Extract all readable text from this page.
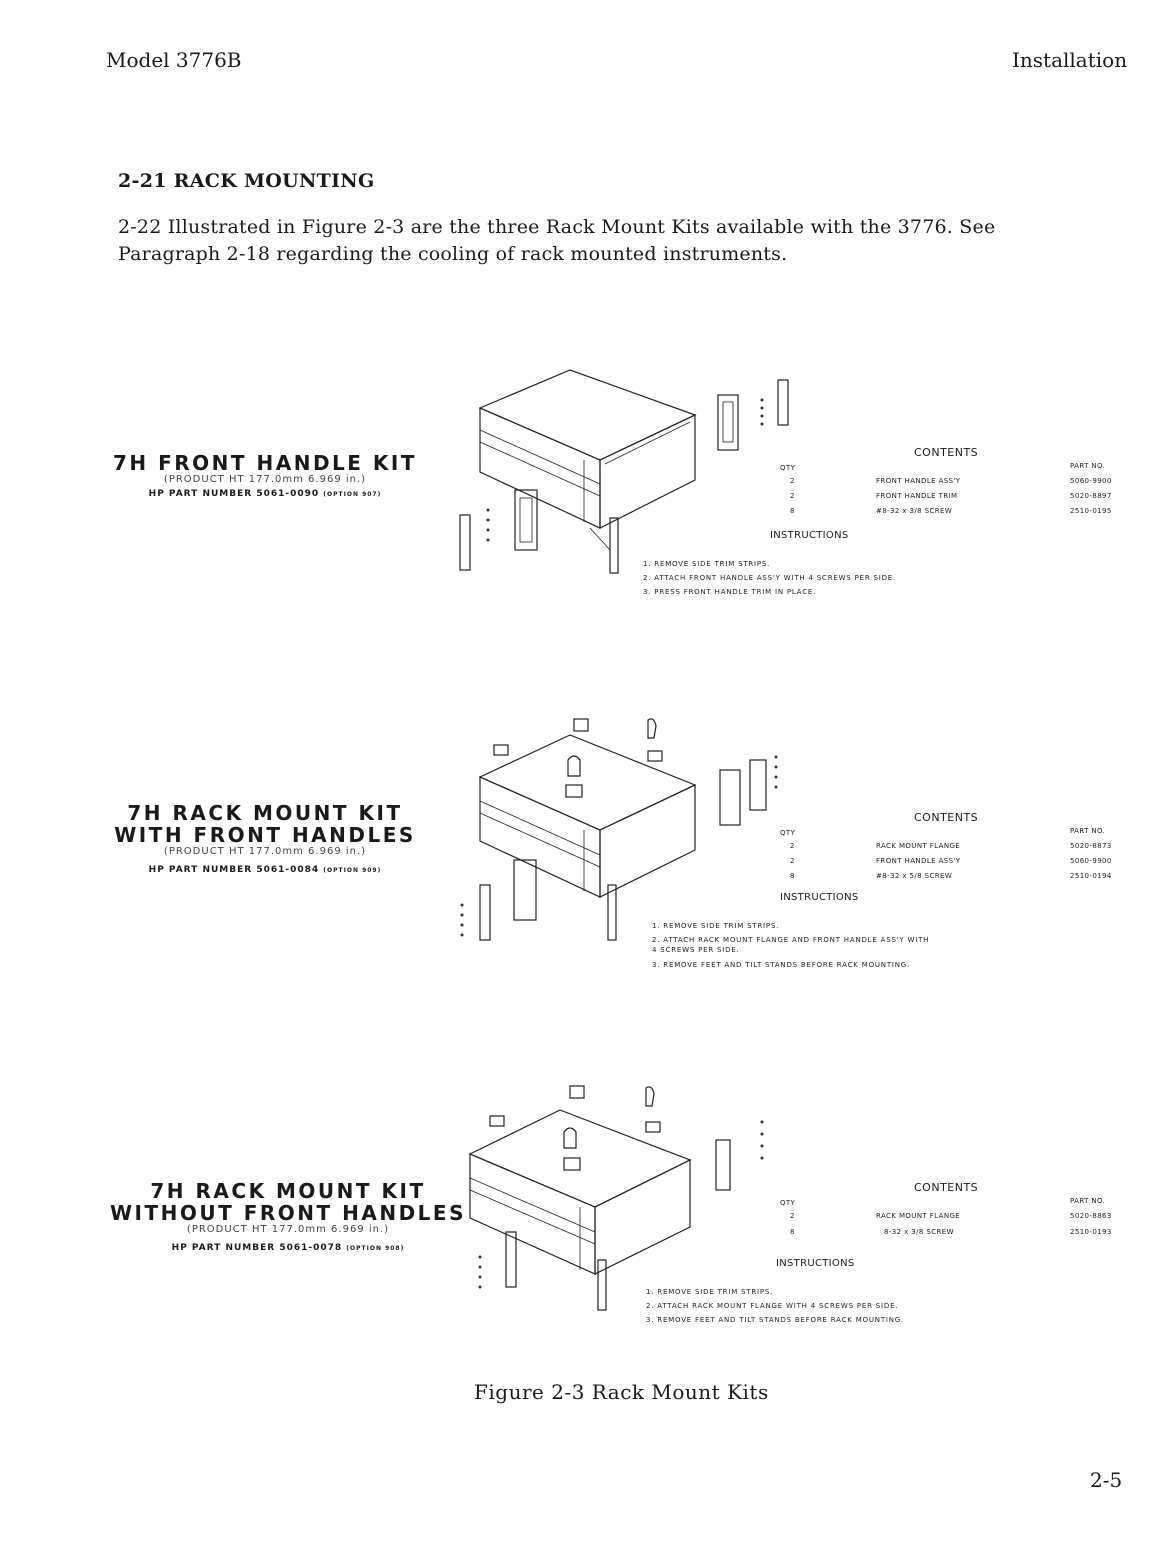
Model 3776B	Installation
2-21 RACK MOUNTING
2-22 Illustrated in Figure 2-3 are the three Rack Mount Kits available with the 3776. See Paragraph 2-18 regarding the cooling of rack mounted instruments.
7H FRONT HANDLE KIT
(PRODUCT HT 177.0mm 6.969 in.)
HP PART NUMBER 5061-0090 (OPTION 907)
CONTENTS
QTY	PART NO.
2	FRONT HANDLE ASS'Y	5060-9900
2	FRONT HANDLE TRIM	5020-8897
8	#8-32 x 3/8 SCREW	2510-0195
INSTRUCTIONS
1. REMOVE SIDE TRIM STRIPS.
2. ATTACH FRONT HANDLE ASS'Y WITH 4 SCREWS PER SIDE.
3. PRESS FRONT HANDLE TRIM IN PLACE.
7H RACK MOUNT KIT
WITH FRONT HANDLES
(PRODUCT HT 177.0mm 6.969 in.)
HP PART NUMBER 5061-0084 (OPTION 909)
CONTENTS
QTY	PART NO.
2	RACK MOUNT FLANGE	5020-8873
2	FRONT HANDLE ASS'Y	5060-9900
8	#8-32 x 5/8 SCREW	2510-0194
INSTRUCTIONS
1. REMOVE SIDE TRIM STRIPS.
2. ATTACH RACK MOUNT FLANGE AND FRONT HANDLE ASS'Y WITH
4 SCREWS PER SIDE.
3. REMOVE FEET AND TILT STANDS BEFORE RACK MOUNTING.
7H RACK MOUNT KIT
WITHOUT FRONT HANDLES
(PRODUCT HT 177.0mm 6.969 in.)
HP PART NUMBER 5061-0078 (OPTION 908)
CONTENTS
QTY	PART NO.
2	RACK MOUNT FLANGE	5020-8863
8	8-32 x 3/8 SCREW	2510-0193
INSTRUCTIONS
1. REMOVE SIDE TRIM STRIPS.
2. ATTACH RACK MOUNT FLANGE WITH 4 SCREWS PER SIDE.
3. REMOVE FEET AND TILT STANDS BEFORE RACK MOUNTING.
Figure 2-3 Rack Mount Kits
2-5
